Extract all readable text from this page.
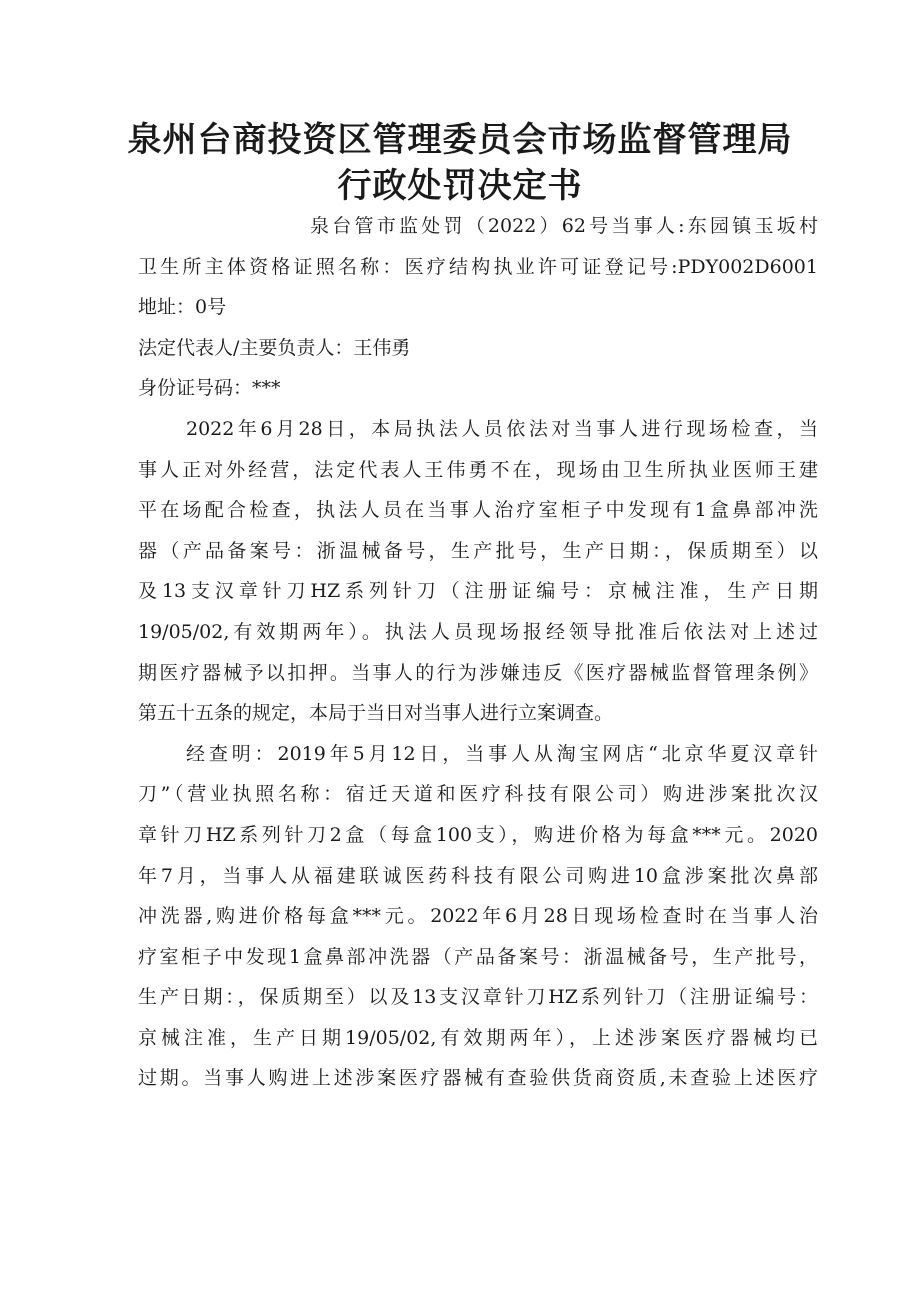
泉州台商投资区管理委员会市场监督管理局
行政处罚决定书
泉台管市监处罚（2022）62号当事人:东园镇玉坂村
卫生所主体资格证照名称：医疗结构执业许可证登记号:PDY002D6001
地址：0号
法定代表人/主要负责人：王伟勇
身份证号码：***
2022年6月28日，本局执法人员依法对当事人进行现场检查，当
事人正对外经营，法定代表人王伟勇不在，现场由卫生所执业医师王建
平在场配合检查，执法人员在当事人治疗室柜子中发现有1盒鼻部冲洗
器（产品备案号：浙温械备号，生产批号，生产日期：，保质期至）以
及13支汉章针刀HZ系列针刀（注册证编号：京械注准，生产日期
19/05/02,有效期两年）。执法人员现场报经领导批准后依法对上述过
期医疗器械予以扣押。当事人的行为涉嫌违反《医疗器械监督管理条例》
第五十五条的规定，本局于当日对当事人进行立案调查。
经查明：2019年5月12日，当事人从淘宝网店“北京华夏汉章针
刀”（营业执照名称：宿迁天道和医疗科技有限公司）购进涉案批次汉
章针刀HZ系列针刀2盒（每盒100支），购进价格为每盒***元。2020
年7月，当事人从福建联诚医药科技有限公司购进10盒涉案批次鼻部
冲洗器,购进价格每盒***元。2022年6月28日现场检查时在当事人治
疗室柜子中发现1盒鼻部冲洗器（产品备案号：浙温械备号，生产批号，
生产日期：，保质期至）以及13支汉章针刀HZ系列针刀（注册证编号：
京械注准，生产日期19/05/02,有效期两年），上述涉案医疗器械均已
过期。当事人购进上述涉案医疗器械有查验供货商资质,未查验上述医疗
